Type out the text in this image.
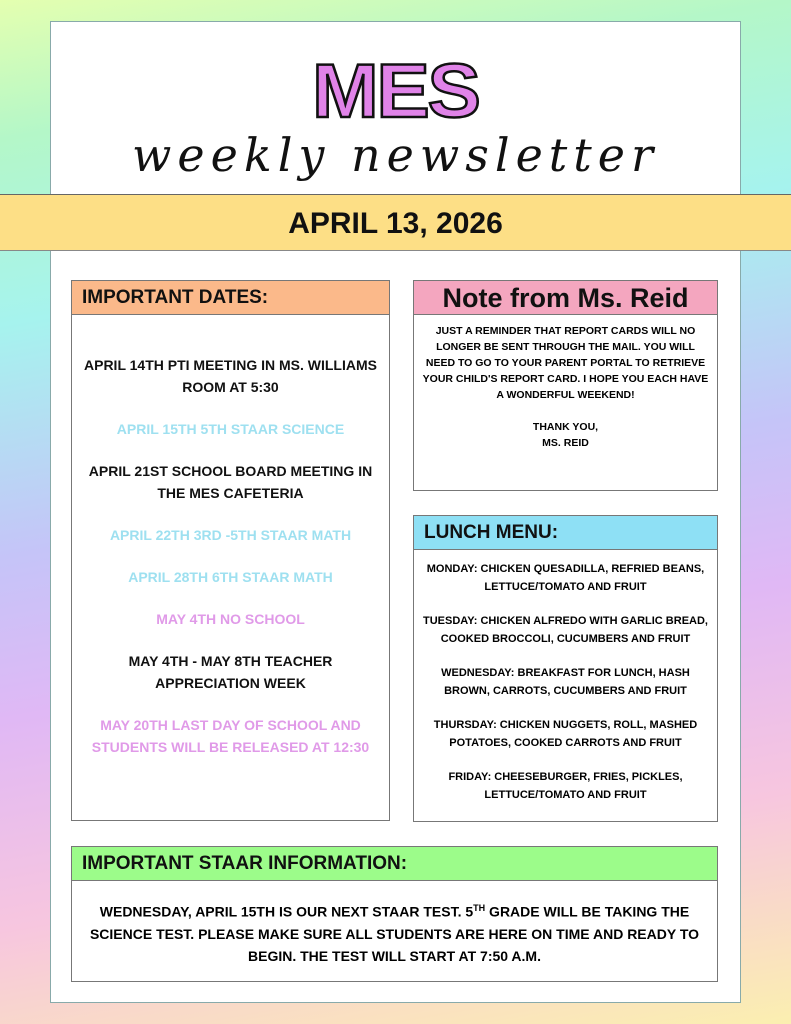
MES
weekly newsletter
APRIL 13, 2026
IMPORTANT DATES:
APRIL 14TH PTI MEETING IN MS. WILLIAMS ROOM AT 5:30
APRIL 15TH 5TH STAAR SCIENCE
APRIL 21ST SCHOOL BOARD MEETING IN THE MES CAFETERIA
APRIL 22TH 3RD -5TH STAAR MATH
APRIL 28TH 6TH STAAR MATH
MAY 4TH NO SCHOOL
MAY 4TH - MAY 8TH TEACHER APPRECIATION WEEK
MAY 20TH LAST DAY OF SCHOOL AND STUDENTS WILL BE RELEASED AT 12:30
Note from Ms. Reid

JUST A REMINDER THAT REPORT CARDS WILL NO LONGER BE SENT THROUGH THE MAIL. YOU WILL NEED TO GO TO YOUR PARENT PORTAL TO RETRIEVE YOUR CHILD'S REPORT CARD. I HOPE YOU EACH HAVE A WONDERFUL WEEKEND!

THANK YOU,

MS. REID

LUNCH MENU:

MONDAY: CHICKEN QUESADILLA, REFRIED BEANS, LETTUCE/TOMATO AND FRUIT

TUESDAY: CHICKEN ALFREDO WITH GARLIC BREAD, COOKED BROCCOLI, CUCUMBERS AND FRUIT

WEDNESDAY: BREAKFAST FOR LUNCH, HASH BROWN, CARROTS, CUCUMBERS AND FRUIT

THURSDAY: CHICKEN NUGGETS, ROLL, MASHED POTATOES, COOKED CARROTS AND FRUIT

FRIDAY: CHEESEBURGER, FRIES, PICKLES, LETTUCE/TOMATO AND FRUIT

IMPORTANT STAAR INFORMATION:

WEDNESDAY, APRIL 15TH IS OUR NEXT STAAR TEST. 5TH GRADE WILL BE TAKING THE SCIENCE TEST. PLEASE MAKE SURE ALL STUDENTS ARE HERE ON TIME AND READY TO BEGIN. THE TEST WILL START AT 7:50 A.M.
